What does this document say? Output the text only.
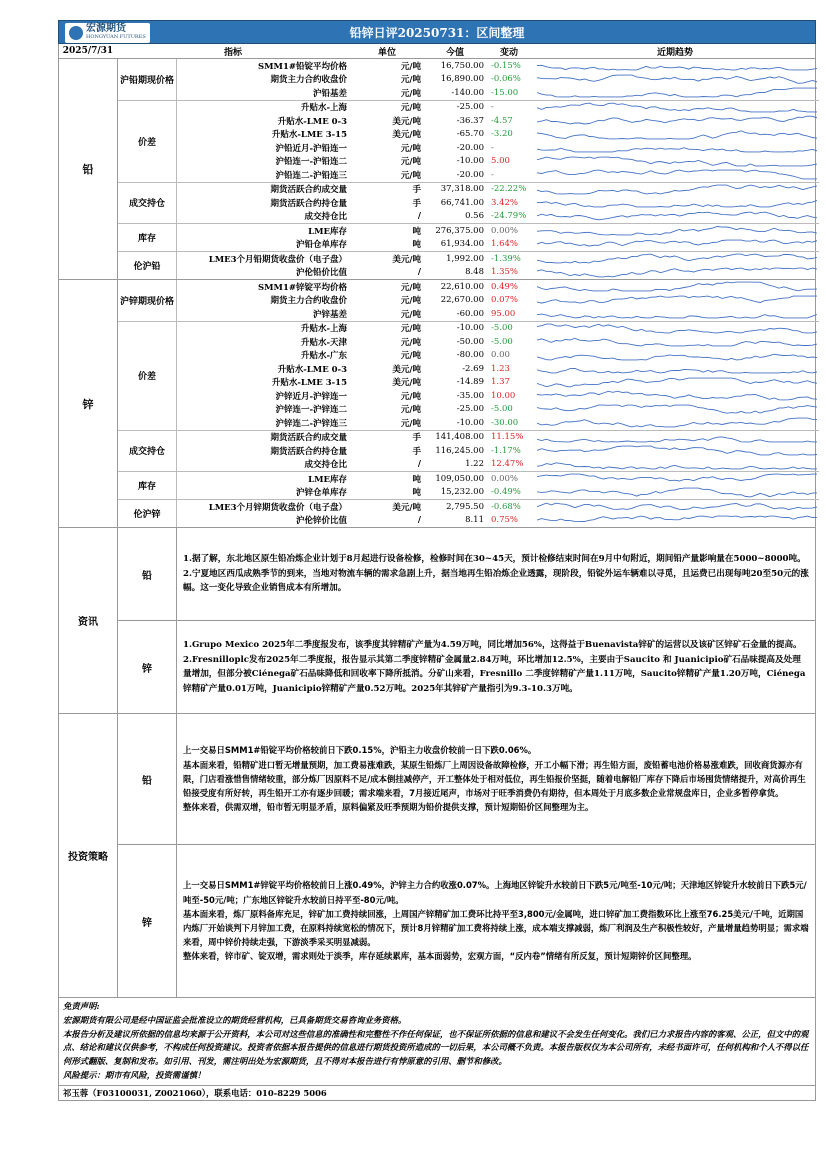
宏源期货
HONGYUAN FUTURES	铅锌日评20250731：区间整理
2025/7/31	指标	单位	今值	变动	近期趋势
铅
沪铅期现价格
SMM1#铅锭平均价格	元/吨	16,750.00 -0.15%
期货主力合约收盘价	元/吨	16,890.00 -0.06%
沪铅基差	元/吨	-140.00 -15.00
价差
升贴水-上海	元/吨	-25.00 -
升贴水-LME 0-3	美元/吨	-36.37 -4.57
升贴水-LME 3-15	美元/吨	-65.70 -3.20
沪铅近月-沪铅连一	元/吨	-20.00 -
沪铅连一-沪铅连二	元/吨	-10.00 5.00
沪铅连二-沪铅连三	元/吨	-20.00 -
成交持仓
期货活跃合约成交量	手	37,318.00 -22.22%
期货活跃合约持仓量	手	66,741.00 3.42%
成交持仓比	/	0.56 -24.79%
库存
LME库存	吨	276,375.00 0.00%
沪铅仓单库存	吨	61,934.00 1.64%
伦沪铅
LME3个月铅期货收盘价（电子盘）	美元/吨	1,992.00 -1.39%
沪伦铅价比值	/	8.48 1.35%
锌
沪锌期现价格
SMM1#锌锭平均价格	元/吨	22,610.00 0.49%
期货主力合约收盘价	元/吨	22,670.00 0.07%
沪锌基差	元/吨	-60.00 95.00
价差
升贴水-上海	元/吨	-10.00 -5.00
升贴水-天津	元/吨	-50.00 -5.00
升贴水-广东	元/吨	-80.00 0.00
升贴水-LME 0-3	美元/吨	-2.69 1.23
升贴水-LME 3-15	美元/吨	-14.89 1.37
沪锌近月-沪锌连一	元/吨	-35.00 10.00
沪锌连一-沪锌连二	元/吨	-25.00 -5.00
沪锌连二-沪锌连三	元/吨	-10.00 -30.00
成交持仓
期货活跃合约成交量	手	141,408.00 11.15%
期货活跃合约持仓量	手	116,245.00 -1.17%
成交持仓比	/	1.22 12.47%
库存
LME库存	吨	109,050.00 0.00%
沪锌仓单库存	吨	15,232.00 -0.49%
伦沪锌
LME3个月锌期货收盘价（电子盘）	美元/吨	2,795.50 -0.68%
沪伦锌价比值	/	8.11 0.75%
资讯
铅

1.据了解，东北地区原生铅冶炼企业计划于8月起进行设备检修，检修时间在30~45天，预计检修结束时间在9月中旬附近，期间铅产量影响量在5000~8000吨。

2.宁夏地区西瓜成熟季节的到来，当地对物流车辆的需求急剧上升，据当地再生铅冶炼企业透露，现阶段，铅锭外运车辆难以寻觅，且运费已出现每吨20至50元的涨幅。这一变化导致企业销售成本有所增加。

锌

1.Grupo Mexico 2025年二季度报发布，该季度其锌精矿产量为4.59万吨，同比增加56%，这得益于Buenavista锌矿的运营以及该矿区锌矿石金量的提高。

2.Fresnilloplc发布2025年二季度报，报告显示其第二季度锌精矿金属量2.84万吨，环比增加12.5%，主要由于Saucito 和 Juanicipio矿石品味提高及处理量增加，但部分被Ciénega矿石品味降低和回收率下降所抵消。分矿山来看，Fresnillo 二季度锌精矿产量1.11万吨，Saucito锌精矿产量1.20万吨，Ciénega锌精矿产量0.01万吨，Juanicipio锌精矿产量0.52万吨。2025年其锌矿产量指引为9.3-10.3万吨。

投资策略
铅

上一交易日SMM1#铅锭平均价格较前日下跌0.15%，沪铅主力收盘价较前一日下跌0.06%。

基本面来看，铅精矿进口暂无增量预期，加工费易涨难跌，某原生铅炼厂上周因设备故障检修，开工小幅下滑；再生铅方面，废铅蓄电池价格易涨难跌，回收商货源亦有限，门店看涨惜售情绪较重，部分炼厂因原料不足/成本倒挂减停产，开工整体处于相对低位，再生铅报价坚挺，随着电解铅厂库存下降后市场囤货情绪提升，对高价再生铅接受度有所好转，再生铅开工亦有逐步回暖；需求端来看，7月接近尾声，市场对于旺季消费仍有期待，但本周处于月底多数企业常规盘库日，企业多暂停拿货。

整体来看，供需双增，铅市暂无明显矛盾，原料偏紧及旺季预期为铅价提供支撑，预计短期铅价区间整理为主。

锌

上一交易日SMM1#锌锭平均价格较前日上涨0.49%，沪锌主力合约收涨0.07%。上海地区锌锭升水较前日下跌5元/吨至-10元/吨；天津地区锌锭升水较前日下跌5元/吨至-50元/吨；广东地区锌锭升水较前日持平至-80元/吨。

基本面来看，炼厂原料备库充足，锌矿加工费持续回涨，上周国产锌精矿加工费环比持平至3,800元/金属吨，进口锌矿加工费指数环比上涨至76.25美元/千吨，近期国内炼厂开始谈判下月锌加工费，在原料持续宽松的情况下，预计8月锌精矿加工费将持续上涨，成本端支撑减弱，炼厂利润及生产积极性较好，产量增量趋势明显；需求端来看，周中锌价持续走强，下游淡季采买明显减弱。

整体来看，锌市矿、锭双增，需求则处于淡季，库存延续累库，基本面弱势，宏观方面，“反内卷”情绪有所反复，预计短期锌价区间整理。

免责声明:
宏源期货有限公司是经中国证监会批准设立的期货经营机构，已具备期货交易咨询业务资格。
本报告分析及建议所依据的信息均来源于公开资料，本公司对这些信息的准确性和完整性不作任何保证，也不保证所依据的信息和建议不会发生任何变化。我们已力求报告内容的客观、公正，但文中的观点、结论和建议仅供参考，不构成任何投资建议。投资者依据本报告提供的信息进行期货投资所造成的一切后果，本公司概不负责。本报告版权仅为本公司所有，未经书面许可，任何机构和个人不得以任何形式翻版、复制和发布。如引用、刊发，需注明出处为宏源期货，且不得对本报告进行有悖原意的引用、删节和修改。
风险提示：期市有风险，投资需谨慎！
祁玉蓉（F03100031, Z0021060），联系电话：010-8229 5006
